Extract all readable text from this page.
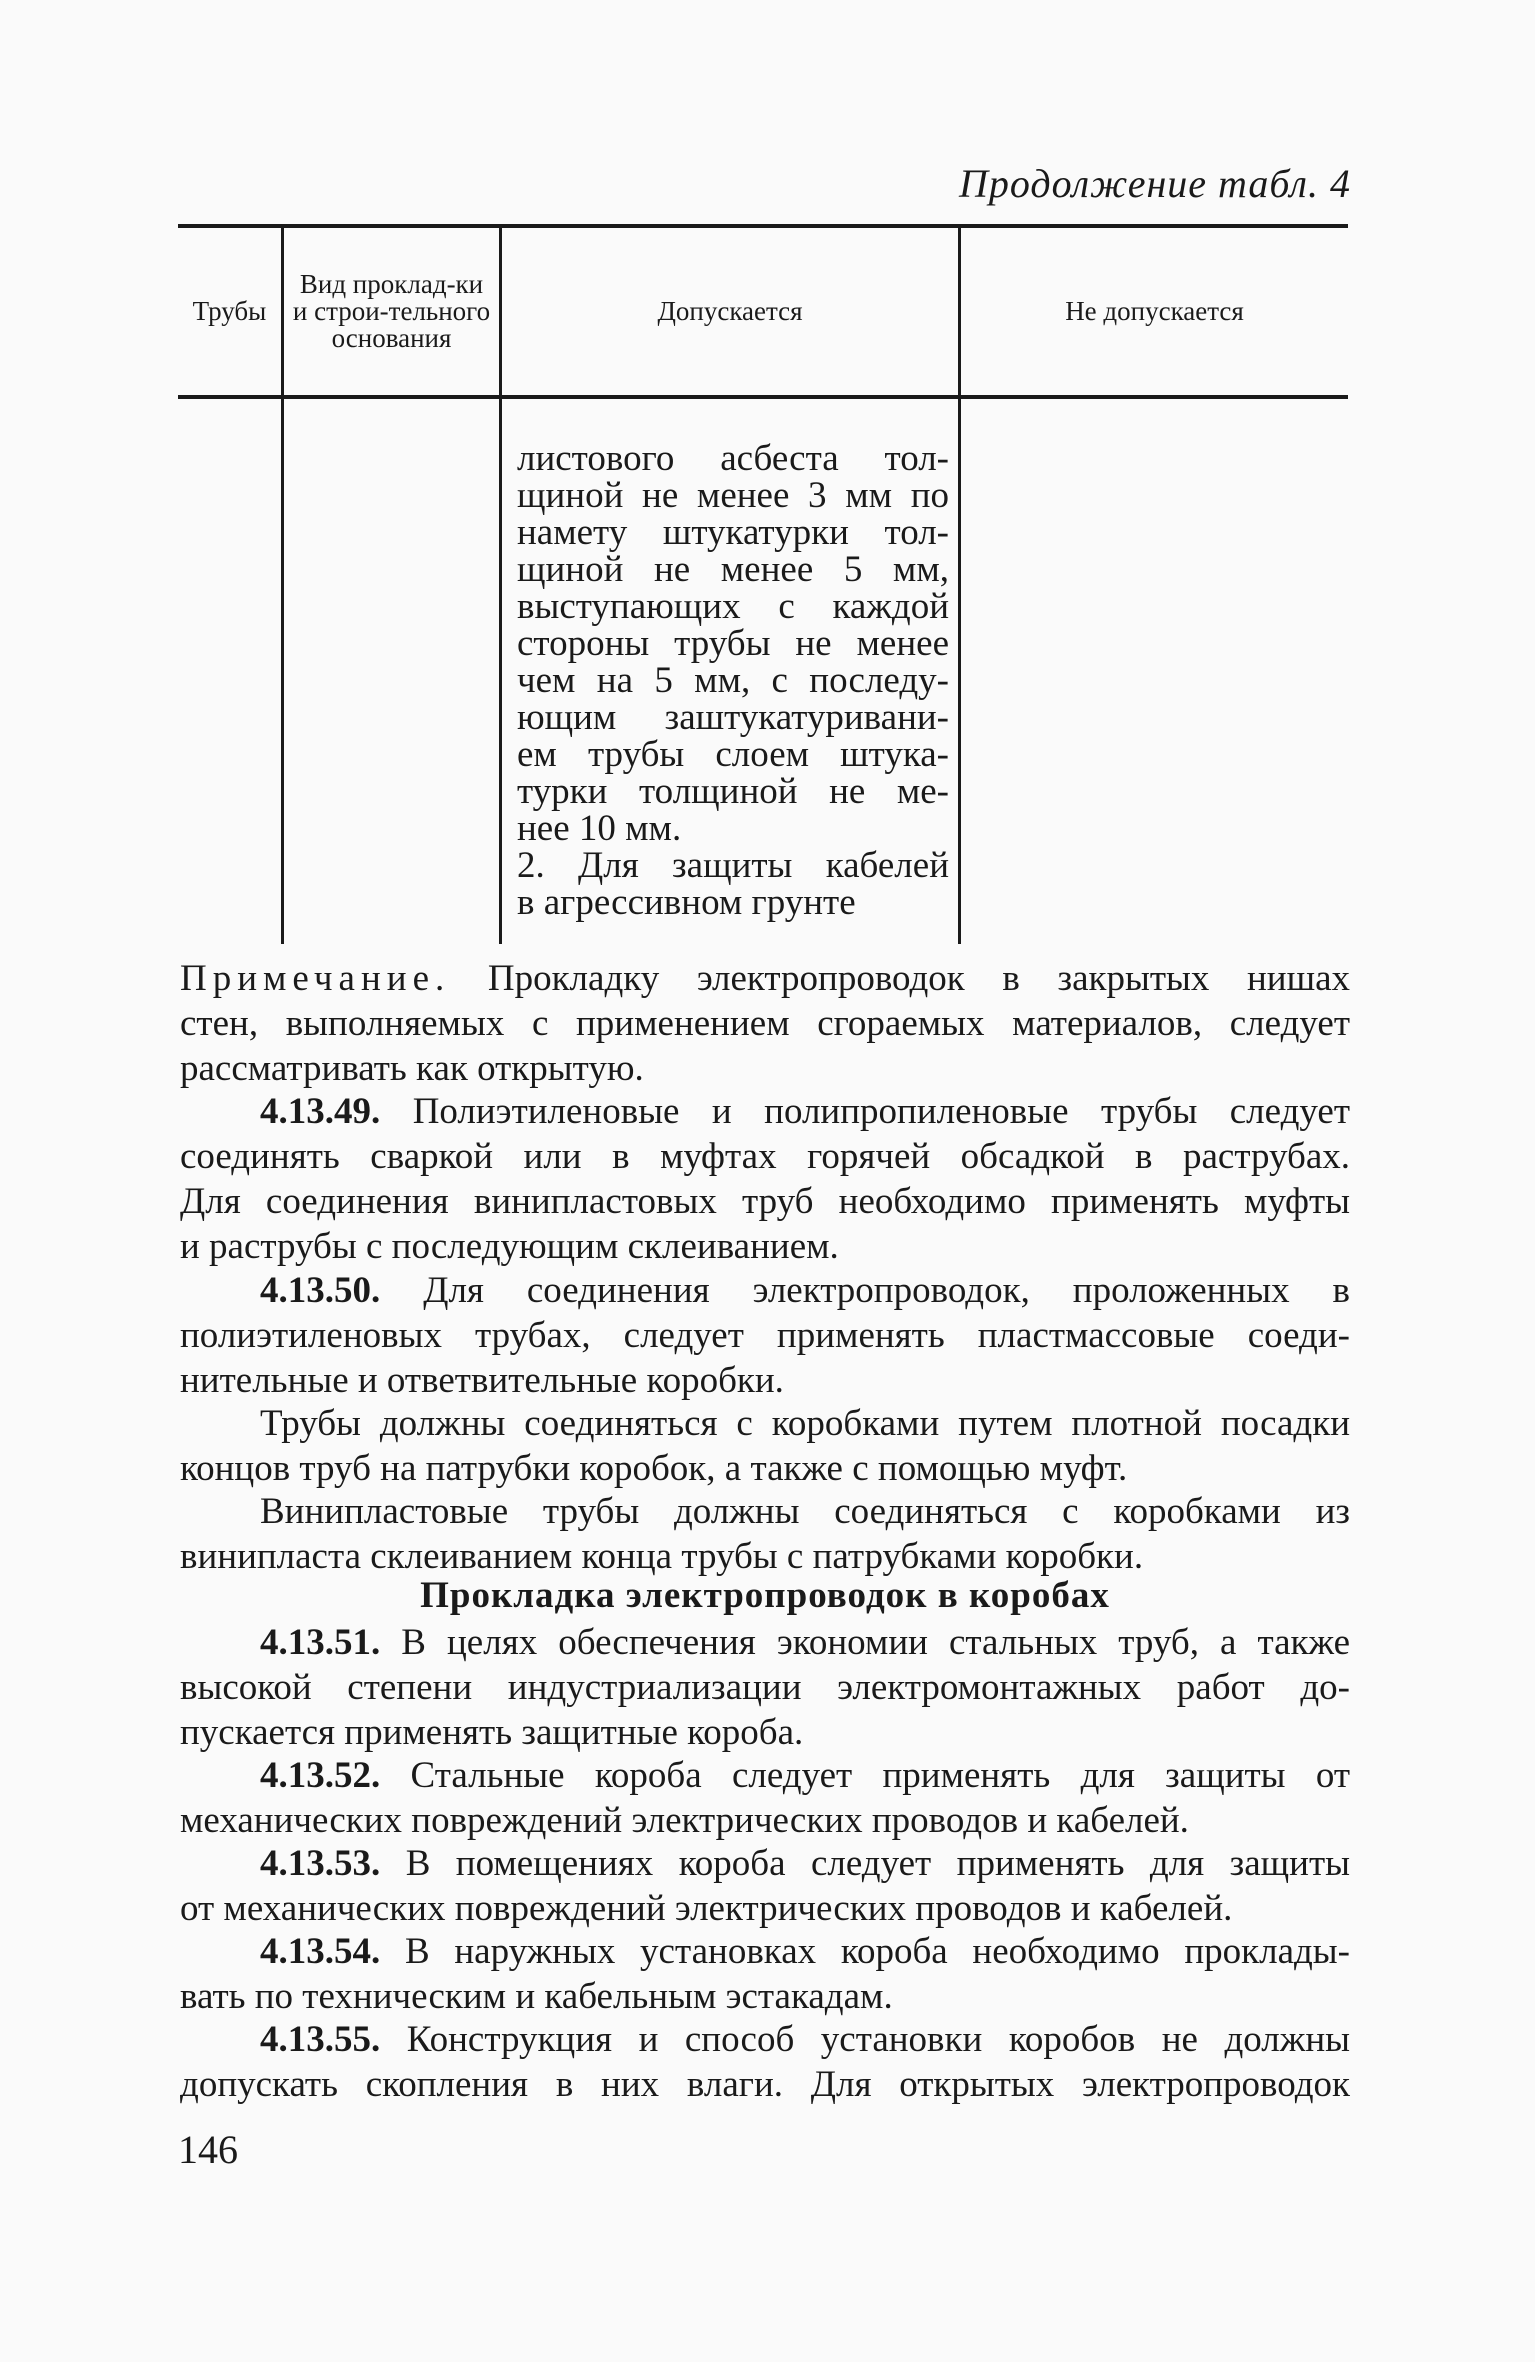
Продолжение табл. 4
Трубы
Вид проклад-ки и строи-тельного основания
Допускается	Не допускается
листового асбеста тол-
щиной не менее 3 мм по
намету штукатурки тол-
щиной не менее 5 мм,
выступающих с каждой
стороны трубы не менее
чем на 5 мм, с последу-
ющим заштукатуривани-
ем трубы слоем штука-
турки толщиной не ме-
нее 10 мм.
2. Для защиты кабелей
в агрессивном грунте
Примечание. Прокладку электропроводок в закрытых нишах
стен, выполняемых с применением сгораемых материалов, следует
рассматривать как открытую.
4.13.49. Полиэтиленовые и полипропиленовые трубы следует
соединять сваркой или в муфтах горячей обсадкой в раструбах.
Для соединения винипластовых труб необходимо применять муфты
и раструбы с последующим склеиванием.
4.13.50. Для соединения электропроводок, проложенных в
полиэтиленовых трубах, следует применять пластмассовые соеди-
нительные и ответвительные коробки.
Трубы должны соединяться с коробками путем плотной посадки
концов труб на патрубки коробок, а также с помощью муфт.
Винипластовые трубы должны соединяться с коробками из
винипласта склеиванием конца трубы с патрубками коробки.
Прокладка электропроводок в коробах
4.13.51. В целях обеспечения экономии стальных труб, а также
высокой степени индустриализации электромонтажных работ до-
пускается применять защитные короба.
4.13.52. Стальные короба следует применять для защиты от
механических повреждений электрических проводов и кабелей.
4.13.53. В помещениях короба следует применять для защиты
от механических повреждений электрических проводов и кабелей.
4.13.54. В наружных установках короба необходимо проклады-
вать по техническим и кабельным эстакадам.
4.13.55. Конструкция и способ установки коробов не должны
допускать скопления в них влаги. Для открытых электропроводок
146
